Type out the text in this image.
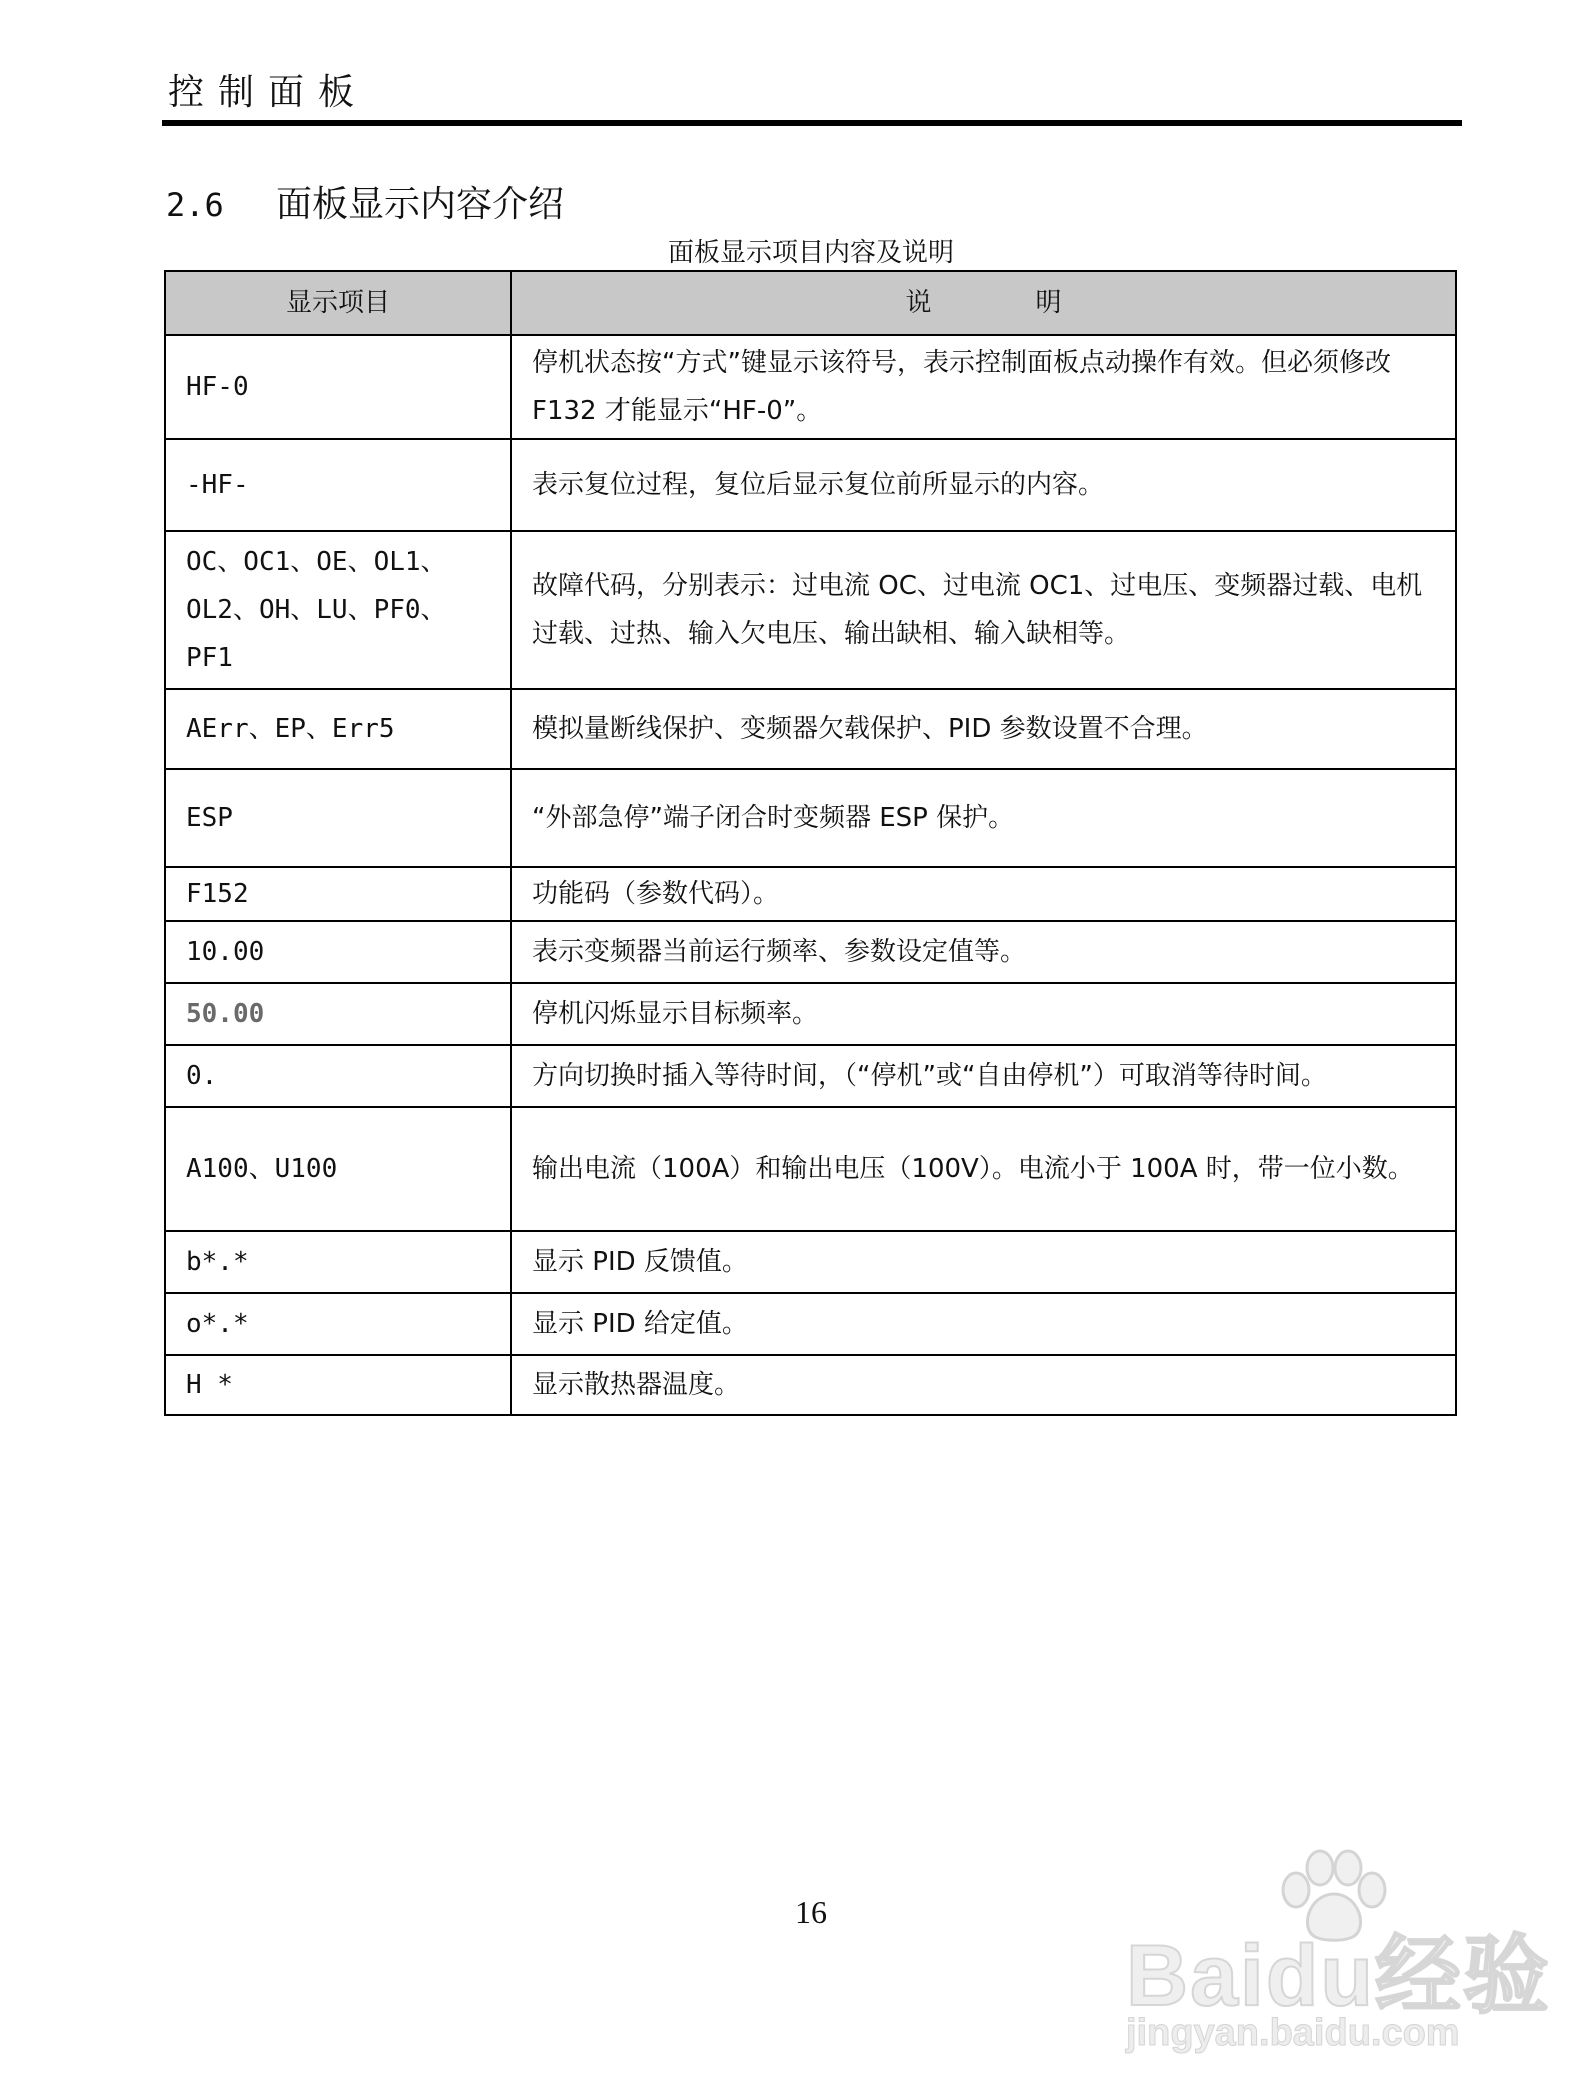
控制面板
2.6 面板显示内容介绍
面板显示项目内容及说明
显示项目	说　　　　明
HF-0	停机状态按“方式”键显示该符号，表示控制面板点动操作有效。但必须修改 F132 才能显示“HF-0”。
-HF-	表示复位过程，复位后显示复位前所显示的内容。
OC、OC1、OE、OL1、OL2、OH、LU、PF0、PF1	故障代码，分别表示：过电流 OC、过电流 OC1、过电压、变频器过载、电机过载、过热、输入欠电压、输出缺相、输入缺相等。
AErr、EP、Err5	模拟量断线保护、变频器欠载保护、PID 参数设置不合理。
ESP	“外部急停”端子闭合时变频器 ESP 保护。
F152	功能码（参数代码）。
10.00	表示变频器当前运行频率、参数设定值等。
50.00	停机闪烁显示目标频率。
0.	方向切换时插入等待时间，（“停机”或“自由停机”）可取消等待时间。
A100、U100	输出电流（100A）和输出电压（100V）。电流小于 100A 时，带一位小数。
b*.*	显示 PID 反馈值。
o*.*	显示 PID 给定值。
H *	显示散热器温度。
16
Baidu经验
jingyan.baidu.com
